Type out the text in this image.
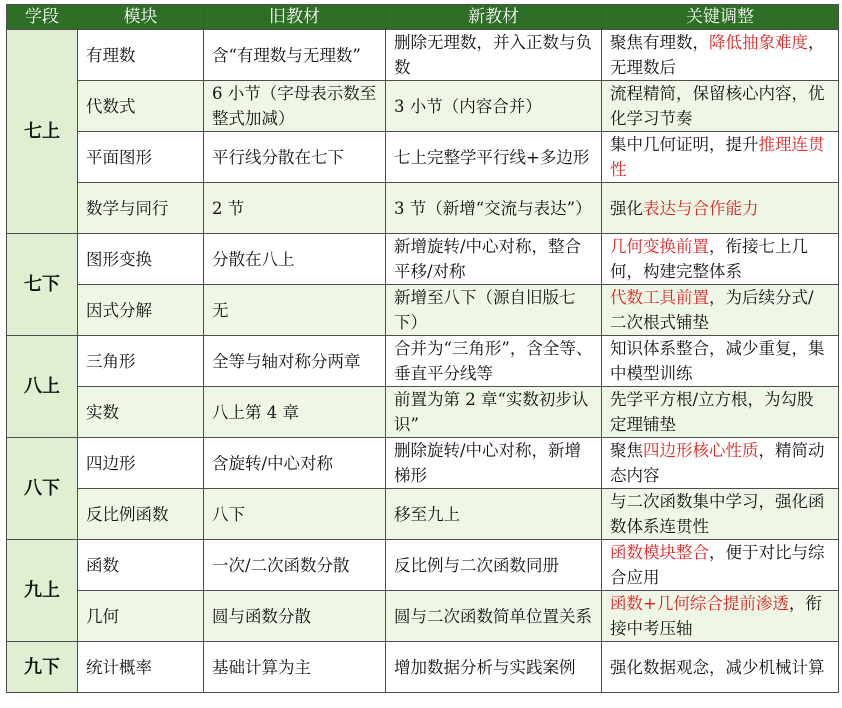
学段	模块	旧教材	新教材	关键调整
七上	有理数	含“有理数与无理数”	删除无理数，并入正数与负数	聚焦有理数，降低抽象难度，无理数后
	代数式	6 小节（字母表示数至整式加减）	3 小节（内容合并）	流程精简，保留核心内容，优化学习节奏
	平面图形	平行线分散在七下	七上完整学平行线+多边形	集中几何证明，提升推理连贯性
	数学与同行	2 节	3 节（新增“交流与表达”）	强化表达与合作能力
七下	图形变换	分散在八上	新增旋转/中心对称，整合平移/对称	几何变换前置，衔接七上几何，构建完整体系
	因式分解	无	新增至八下（源自旧版七下）	代数工具前置，为后续分式/二次根式铺垫
八上	三角形	全等与轴对称分两章	合并为“三角形”，含全等、垂直平分线等	知识体系整合，减少重复，集中模型训练
	实数	八上第 4 章	前置为第 2 章“实数初步认识”	先学平方根/立方根，为勾股定理铺垫
八下	四边形	含旋转/中心对称	删除旋转/中心对称，新增梯形	聚焦四边形核心性质，精简动态内容
	反比例函数	八下	移至九上	与二次函数集中学习，强化函数体系连贯性
九上	函数	一次/二次函数分散	反比例与二次函数同册	函数模块整合，便于对比与综合应用
	几何	圆与函数分散	圆与二次函数简单位置关系	函数+几何综合提前渗透，衔接中考压轴
九下	统计概率	基础计算为主	增加数据分析与实践案例	强化数据观念，减少机械计算
